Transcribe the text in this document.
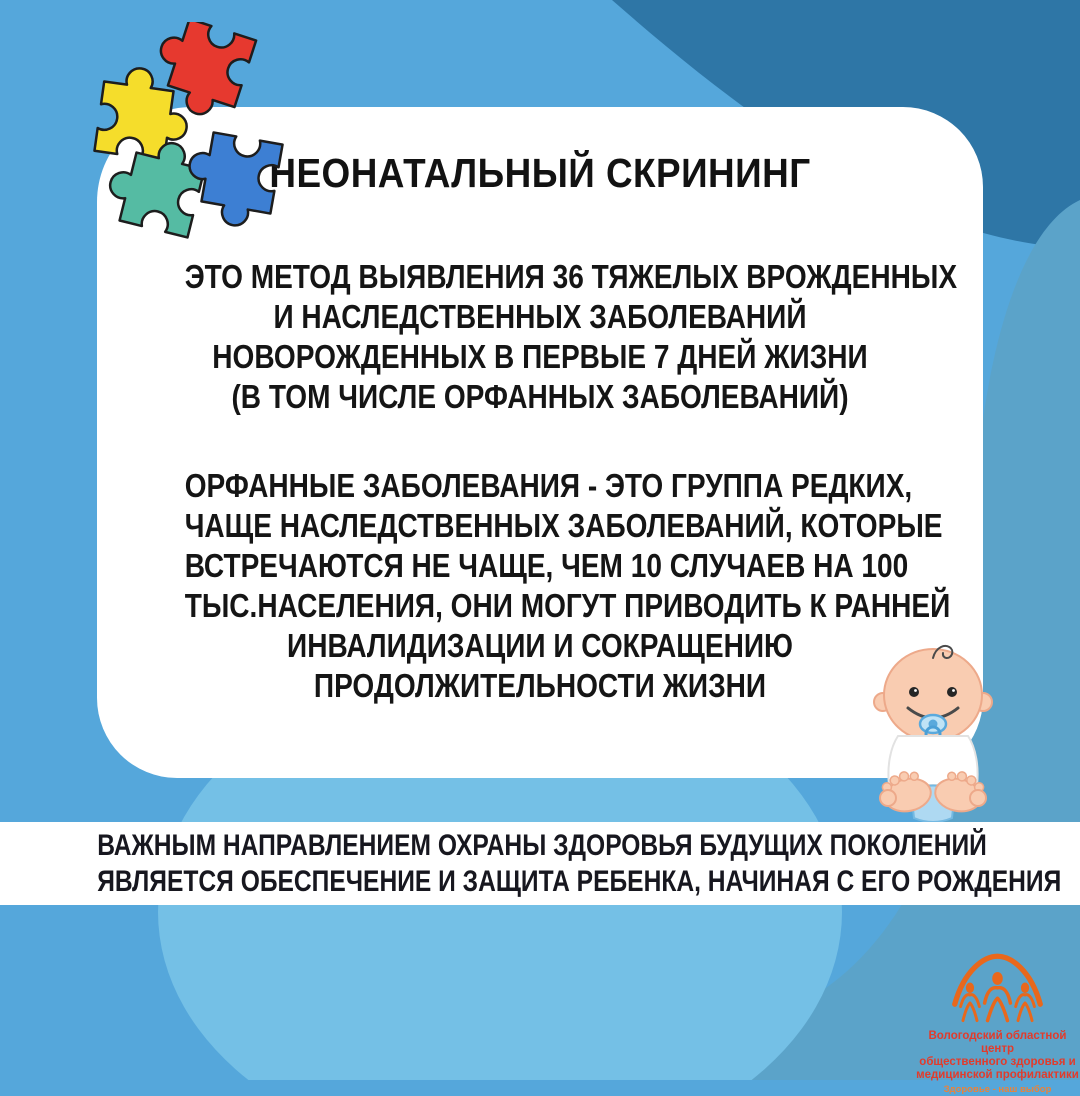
НЕОНАТАЛЬНЫЙ СКРИНИНГ
ЭТО МЕТОД ВЫЯВЛЕНИЯ 36 ТЯЖЕЛЫХ ВРОЖДЕННЫХ
И НАСЛЕДСТВЕННЫХ ЗАБОЛЕВАНИЙ
НОВОРОЖДЕННЫХ В ПЕРВЫЕ 7 ДНЕЙ ЖИЗНИ
(В ТОМ ЧИСЛЕ ОРФАННЫХ ЗАБОЛЕВАНИЙ)
ОРФАННЫЕ ЗАБОЛЕВАНИЯ - ЭТО ГРУППА РЕДКИХ,
ЧАЩЕ НАСЛЕДСТВЕННЫХ ЗАБОЛЕВАНИЙ, КОТОРЫЕ
ВСТРЕЧАЮТСЯ НЕ ЧАЩЕ, ЧЕМ 10 СЛУЧАЕВ НА 100
ТЫС.НАСЕЛЕНИЯ, ОНИ МОГУТ ПРИВОДИТЬ К РАННЕЙ
ИНВАЛИДИЗАЦИИ И СОКРАЩЕНИЮ
ПРОДОЛЖИТЕЛЬНОСТИ ЖИЗНИ
ВАЖНЫМ НАПРАВЛЕНИЕМ ОХРАНЫ ЗДОРОВЬЯ БУДУЩИХ ПОКОЛЕНИЙ
ЯВЛЯЕТСЯ ОБЕСПЕЧЕНИЕ И ЗАЩИТА РЕБЕНКА, НАЧИНАЯ С ЕГО РОЖДЕНИЯ
Вологодский областной центр
общественного здоровья и
медицинской профилактики
Здоровье - наш выбор
